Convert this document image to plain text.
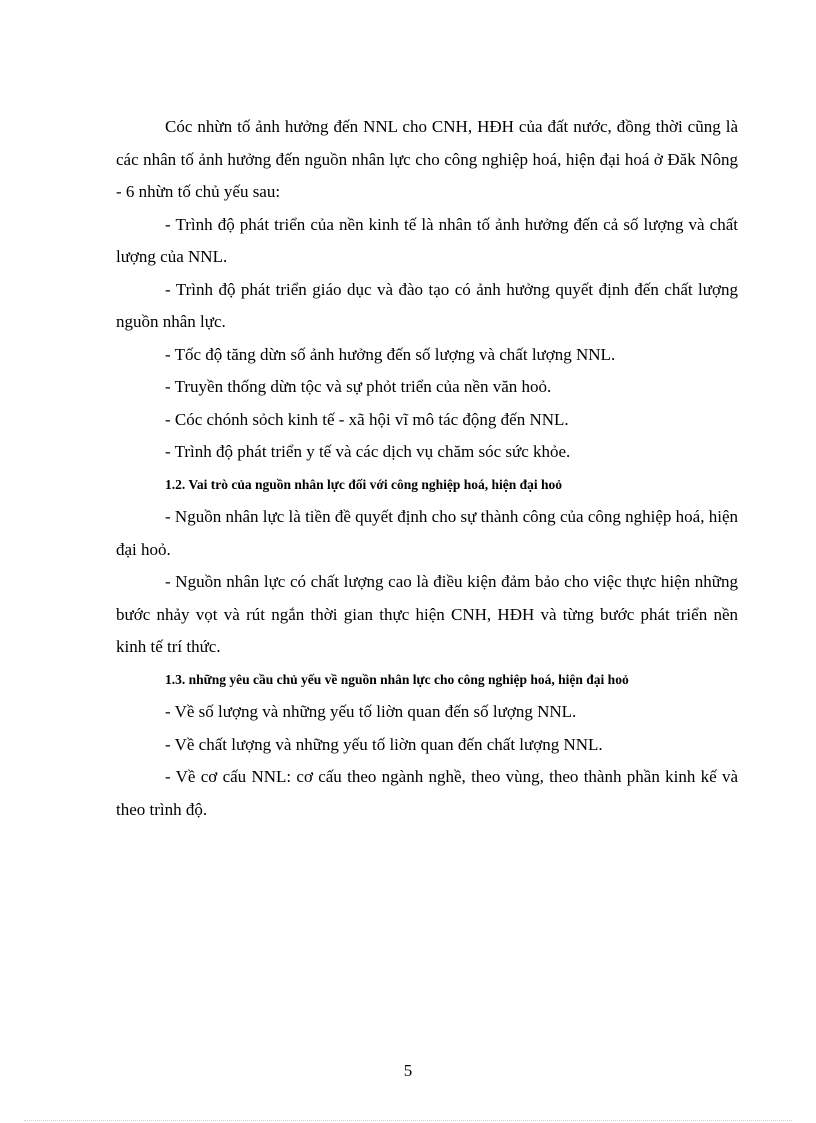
Cóc nhừn tố ảnh hưởng đến NNL cho CNH, HĐH của đất nước, đồng thời cũng là các nhân tố ảnh hưởng đến nguồn nhân lực cho công nghiệp hoá, hiện đại hoá ở Đăk Nông - 6 nhừn tố chủ yếu sau:

- Trình độ phát triển của nền kinh tế là nhân tố ảnh hưởng đến cả số lượng và chất lượng của NNL.

- Trình độ phát triển giáo dục và đào tạo có ảnh hưởng quyết định đến chất lượng nguồn nhân lực.

- Tốc độ tăng dừn số ảnh hưởng đến số lượng và chất lượng NNL.

- Truyền thống dừn tộc và sự phỏt triển của nền văn hoỏ.

- Cóc chónh sỏch kinh tế - xã hội vĩ mô tác động đến NNL.

- Trình độ phát triển y tế và các dịch vụ chăm sóc sức khỏe.

1.2. Vai trò của nguồn nhân lực đối với công nghiệp hoá, hiện đại hoỏ

- Nguồn nhân lực là tiền đề quyết định cho sự thành công của công nghiệp hoá, hiện đại hoỏ.

- Nguồn nhân lực có chất lượng cao là điều kiện đảm bảo cho việc thực hiện những bước nhảy vọt và rút ngắn thời gian thực hiện CNH, HĐH và từng bước phát triển nền kinh tế trí thức.

1.3. những yêu cầu chủ yếu về nguồn nhân lực cho công nghiệp hoá, hiện đại hoỏ

- Về số lượng và những yếu tố liờn quan đến số lượng NNL.

- Về chất lượng và những yếu tố liờn quan đến chất lượng NNL.

- Về cơ cấu NNL: cơ cấu theo ngành nghề, theo vùng, theo thành phần kinh kế và theo trình độ.

5
